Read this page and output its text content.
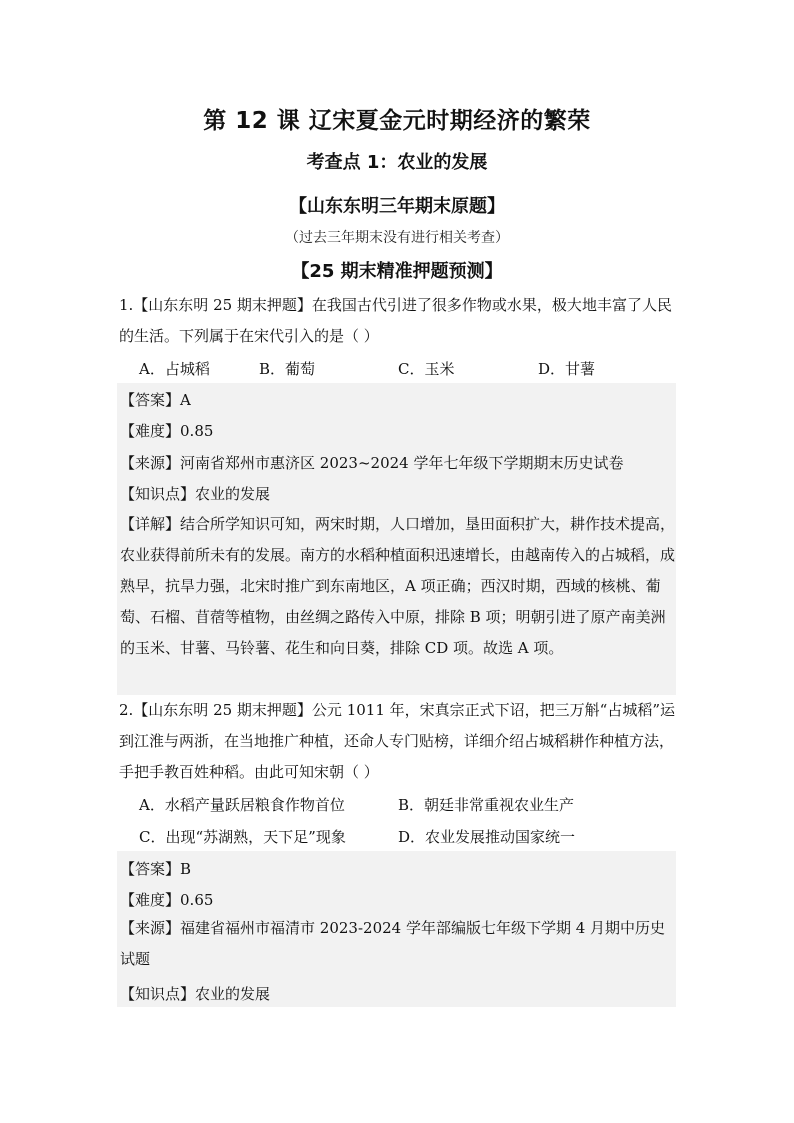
第 12 课 辽宋夏金元时期经济的繁荣
考查点 1：农业的发展
【山东东明三年期末原题】
（过去三年期末没有进行相关考查）
【25 期末精准押题预测】
1.【山东东明 25 期末押题】在我国古代引进了很多作物或水果，极大地丰富了人民的生活。下列属于在宋代引入的是（ ）
A．占城稻	B．葡萄	C．玉米	D．甘薯
【答案】A
【难度】0.85
【来源】河南省郑州市惠济区 2023~2024 学年七年级下学期期末历史试卷
【知识点】农业的发展
【详解】结合所学知识可知，两宋时期，人口增加，垦田面积扩大，耕作技术提高，农业获得前所未有的发展。南方的水稻种植面积迅速增长，由越南传入的占城稻，成熟早，抗旱力强，北宋时推广到东南地区，A 项正确；西汉时期，西域的核桃、葡萄、石榴、苜蓿等植物，由丝绸之路传入中原，排除 B 项；明朝引进了原产南美洲的玉米、甘薯、马铃薯、花生和向日葵，排除 CD 项。故选 A 项。
2.【山东东明 25 期末押题】公元 1011 年，宋真宗正式下诏，把三万斛“占城稻”运到江淮与两浙，在当地推广种植，还命人专门贴榜，详细介绍占城稻耕作种植方法，手把手教百姓种稻。由此可知宋朝（ ）
A．水稻产量跃居粮食作物首位	B．朝廷非常重视农业生产
C．出现“苏湖熟，天下足”现象	D．农业发展推动国家统一
【答案】B
【难度】0.65
【来源】福建省福州市福清市 2023-2024 学年部编版七年级下学期 4 月期中历史试题
【知识点】农业的发展
